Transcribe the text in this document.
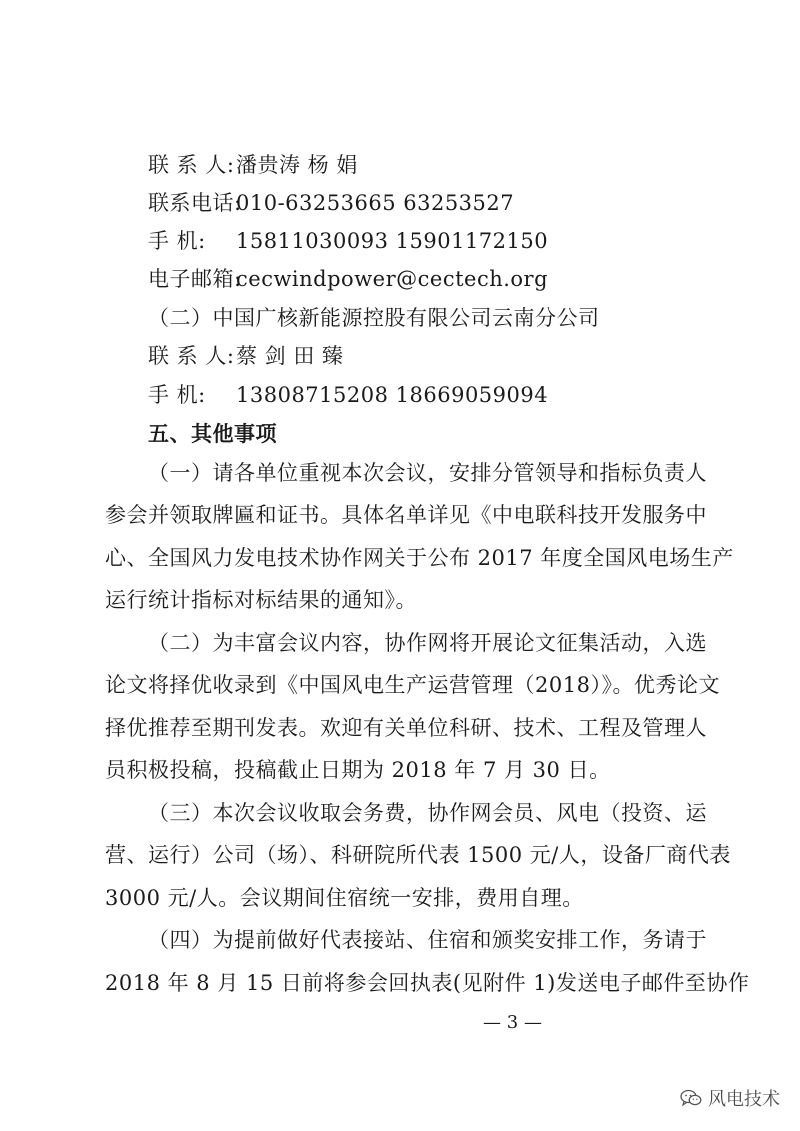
联 系 人:潘贵涛 杨 娟
联系电话:010-63253665 63253527
手 机: 15811030093 15901172150
电子邮箱:cecwindpower@cectech.org
（二）中国广核新能源控股有限公司云南分公司
联 系 人:蔡 剑 田 臻
手 机: 13808715208 18669059094
五、其他事项
（一）请各单位重视本次会议，安排分管领导和指标负责人
参会并领取牌匾和证书。具体名单详见《中电联科技开发服务中
心、全国风力发电技术协作网关于公布 2017 年度全国风电场生产
运行统计指标对标结果的通知》。
（二）为丰富会议内容，协作网将开展论文征集活动，入选
论文将择优收录到《中国风电生产运营管理（2018）》。优秀论文
择优推荐至期刊发表。欢迎有关单位科研、技术、工程及管理人
员积极投稿，投稿截止日期为 2018 年 7 月 30 日。
（三）本次会议收取会务费，协作网会员、风电（投资、运
营、运行）公司（场）、科研院所代表 1500 元/人，设备厂商代表
3000 元/人。会议期间住宿统一安排，费用自理。
（四）为提前做好代表接站、住宿和颁奖安排工作，务请于
2018 年 8 月 15 日前将参会回执表(见附件 1)发送电子邮件至协作
— 3 —
风电技术
